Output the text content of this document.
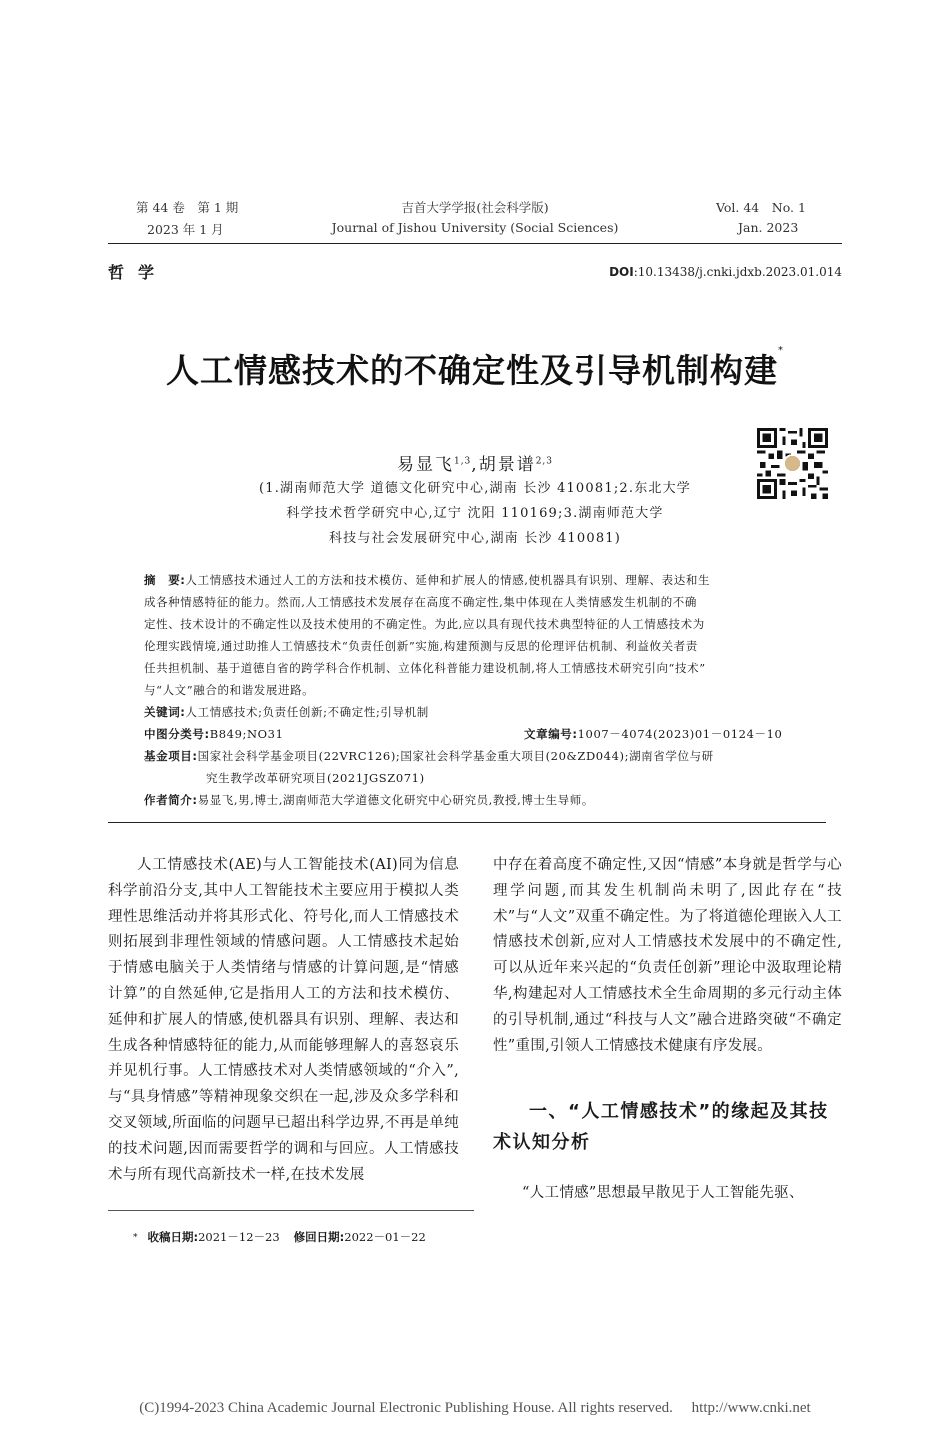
第 44 卷　第 1 期
2023 年 1 月
吉首大学学报(社会科学版)
Journal of Jishou University (Social Sciences)
Vol. 44　No. 1
Jan. 2023
哲学	DOI:10.13438/j.cnki.jdxb.2023.01.014
人工情感技术的不确定性及引导机制构建*
易显飞$^{1,3}$,胡景谱$^{2,3}$
(1.湖南师范大学 道德文化研究中心,湖南 长沙 410081;2.东北大学
科学技术哲学研究中心,辽宁 沈阳 110169;3.湖南师范大学
科技与社会发展研究中心,湖南 长沙 410081)
摘　要:人工情感技术通过人工的方法和技术模仿、延伸和扩展人的情感,使机器具有识别、理解、表达和生
成各种情感特征的能力。然而,人工情感技术发展存在高度不确定性,集中体现在人类情感发生机制的不确
定性、技术设计的不确定性以及技术使用的不确定性。为此,应以具有现代技术典型特征的人工情感技术为
伦理实践情境,通过助推人工情感技术“负责任创新”实施,构建预测与反思的伦理评估机制、利益攸关者责
任共担机制、基于道德自省的跨学科合作机制、立体化科普能力建设机制,将人工情感技术研究引向“技术”
与“人文”融合的和谐发展进路。
关键词:人工情感技术;负责任创新;不确定性;引导机制
中图分类号:B849;NO31	文章编号:1007－4074(2023)01－0124－10
基金项目:国家社会科学基金项目(22VRC126);国家社会科学基金重大项目(20&ZD044);湖南省学位与研
究生教学改革研究项目(2021JGSZ071)
作者简介:易显飞,男,博士,湖南师范大学道德文化研究中心研究员,教授,博士生导师。

人工情感技术(AE)与人工智能技术(AI)同为信息科学前沿分支,其中人工智能技术主要应用于模拟人类理性思维活动并将其形式化、符号化,而人工情感技术则拓展到非理性领域的情感问题。人工情感技术起始于情感电脑关于人类情绪与情感的计算问题,是“情感计算”的自然延伸,它是指用人工的方法和技术模仿、延伸和扩展人的情感,使机器具有识别、理解、表达和生成各种情感特征的能力,从而能够理解人的喜怒哀乐并见机行事。人工情感技术对人类情感领域的“介入”,与“具身情感”等精神现象交织在一起,涉及众多学科和交叉领域,所面临的问题早已超出科学边界,不再是单纯的技术问题,因而需要哲学的调和与回应。人工情感技术与所有现代高新技术一样,在技术发展

* 收稿日期:2021－12－23 修回日期:2022－01－22

中存在着高度不确定性,又因“情感”本身就是哲学与心理学问题,而其发生机制尚未明了,因此存在“技术”与“人文”双重不确定性。为了将道德伦理嵌入人工情感技术创新,应对人工情感技术发展中的不确定性,可以从近年来兴起的“负责任创新”理论中汲取理论精华,构建起对人工情感技术全生命周期的多元行动主体的引导机制,通过“科技与人文”融合进路突破“不确定性”重围,引领人工情感技术健康有序发展。

一、“人工情感技术”的缘起及其技术认知分析

“人工情感”思想最早散见于人工智能先驱、

(C)1994-2023 China Academic Journal Electronic Publishing House. All rights reserved.　 http://www.cnki.net
